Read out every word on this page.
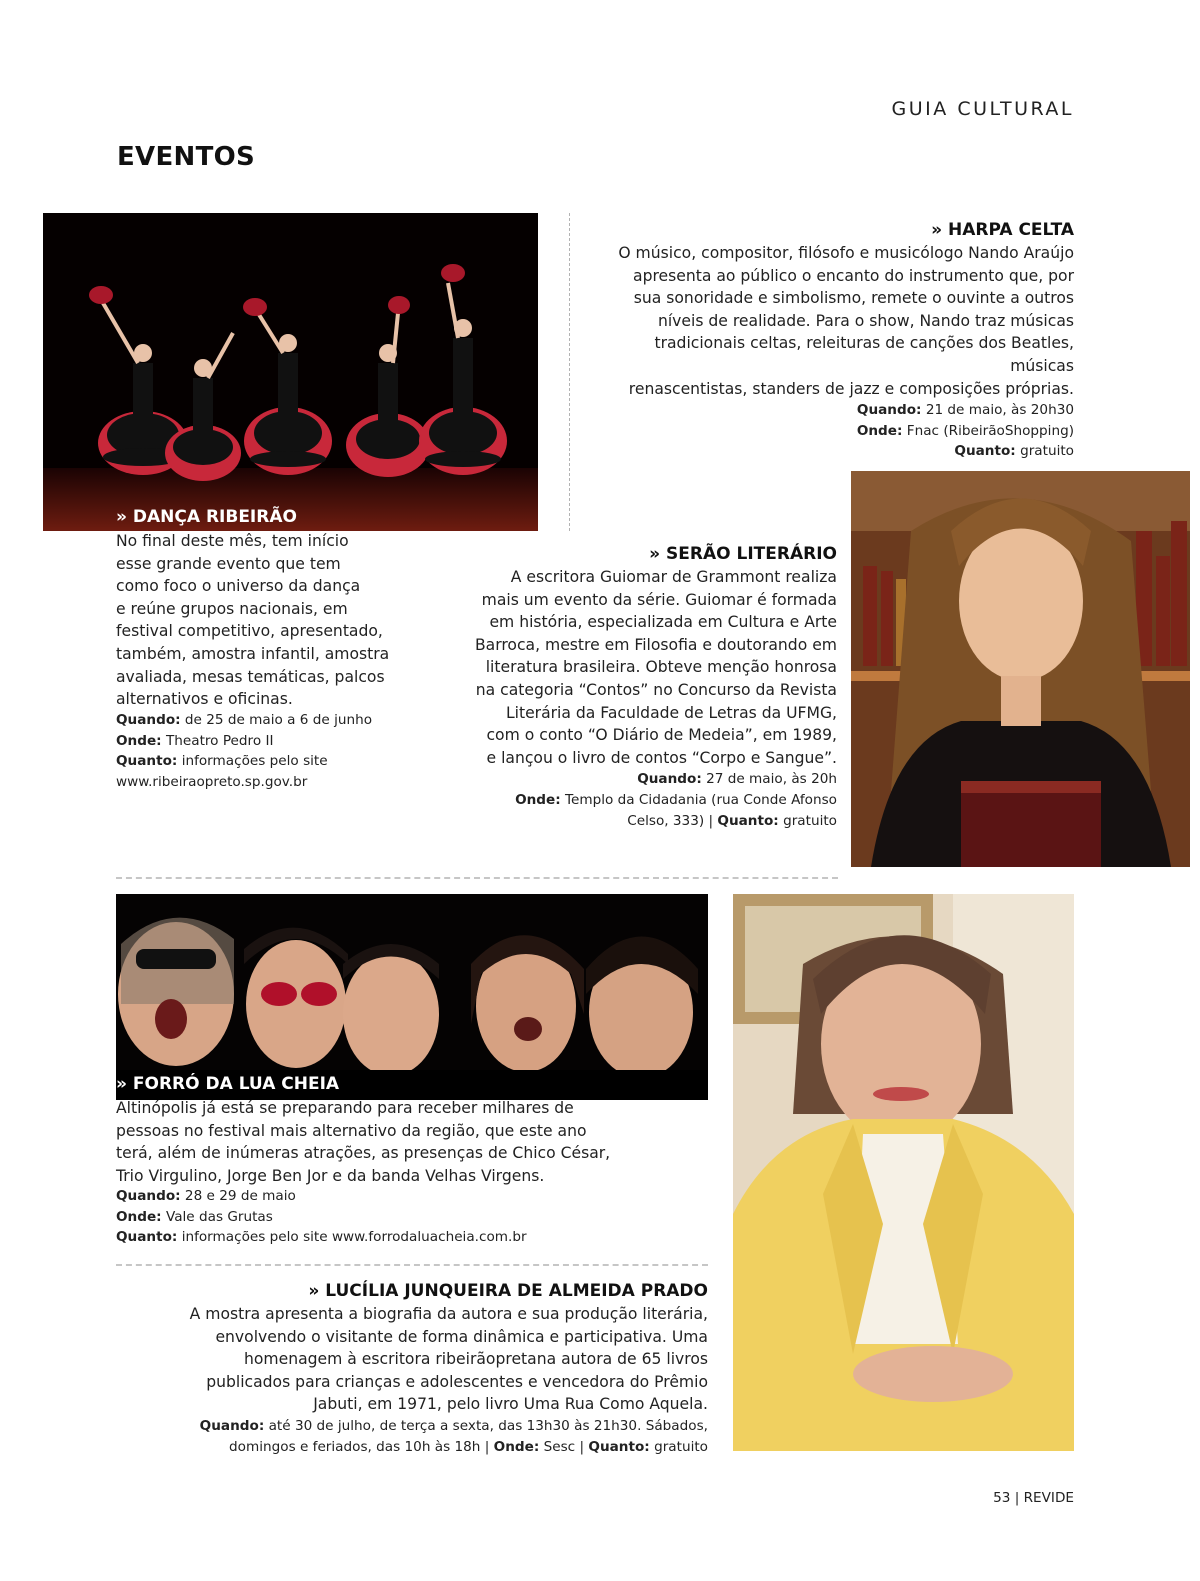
GUIA CULTURAL
EVENTOS
» DANÇA RIBEIRÃO
No final deste mês, tem início
esse grande evento que tem
como foco o universo da dança
e reúne grupos nacionais, em
festival competitivo, apresentado,
também, amostra infantil, amostra
avaliada, mesas temáticas, palcos
alternativos e oficinas.
Quando: de 25 de maio a 6 de junho
Onde: Theatro Pedro II
Quanto: informações pelo site
www.ribeiraopreto.sp.gov.br
» HARPA CELTA
O músico, compositor, filósofo e musicólogo Nando Araújo
apresenta ao público o encanto do instrumento que, por
sua sonoridade e simbolismo, remete o ouvinte a outros
níveis de realidade. Para o show, Nando traz músicas
tradicionais celtas, releituras de canções dos Beatles, músicas
renascentistas, standers de jazz e composições próprias.
Quando: 21 de maio, às 20h30
Onde: Fnac (RibeirãoShopping)
Quanto: gratuito
» SERÃO LITERÁRIO
A escritora Guiomar de Grammont realiza
mais um evento da série. Guiomar é formada
em história, especializada em Cultura e Arte
Barroca, mestre em Filosofia e doutorando em
literatura brasileira. Obteve menção honrosa
na categoria “Contos” no Concurso da Revista
Literária da Faculdade de Letras da UFMG,
com o conto “O Diário de Medeia”, em 1989,
e lançou o livro de contos “Corpo e Sangue”.
Quando: 27 de maio, às 20h
Onde: Templo da Cidadania (rua Conde Afonso
Celso, 333) | Quanto: gratuito
» FORRÓ DA LUA CHEIA
Altinópolis já está se preparando para receber milhares de
pessoas no festival mais alternativo da região, que este ano
terá, além de inúmeras atrações, as presenças de Chico César,
Trio Virgulino, Jorge Ben Jor e da banda Velhas Virgens.
Quando: 28 e 29 de maio
Onde: Vale das Grutas
Quanto: informações pelo site www.forrodaluacheia.com.br
» LUCÍLIA JUNQUEIRA DE ALMEIDA PRADO
A mostra apresenta a biografia da autora e sua produção literária,
envolvendo o visitante de forma dinâmica e participativa. Uma
homenagem à escritora ribeirãopretana autora de 65 livros
publicados para crianças e adolescentes e vencedora do Prêmio
Jabuti, em 1971, pelo livro Uma Rua Como Aquela.
Quando: até 30 de julho, de terça a sexta, das 13h30 às 21h30. Sábados,
domingos e feriados, das 10h às 18h | Onde: Sesc | Quanto: gratuito
53 | REVIDE
